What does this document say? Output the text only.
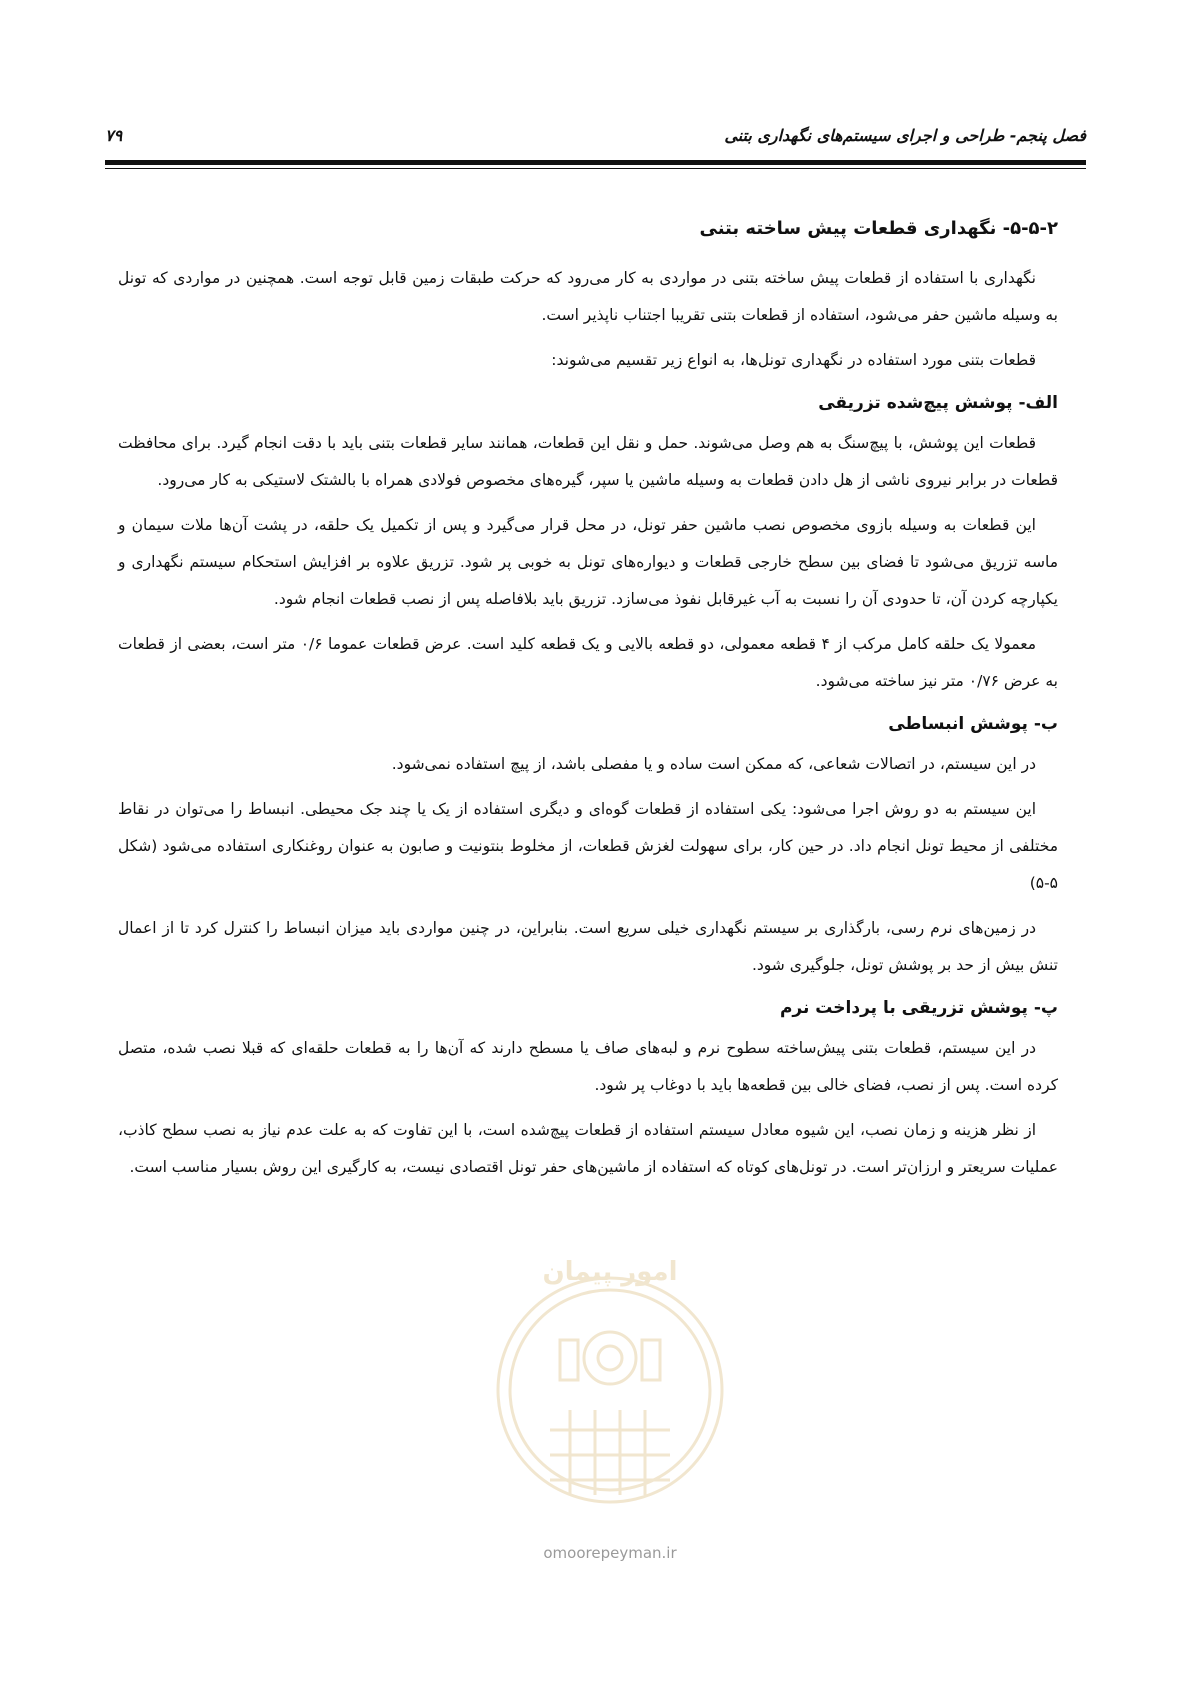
فصل پنجم- طراحی و اجرای سیستم‌های نگهداری بتنی
۷۹
۵-۵-۲- نگهداری قطعات پیش ساخته بتنی

نگهداری با استفاده از قطعات پیش ساخته بتنی در مواردی به کار می‌رود که حرکت طبقات زمین قابل توجه است. همچنین در مواردی که تونل به وسیله ماشین حفر می‌شود، استفاده از قطعات بتنی تقریبا اجتناب ناپذیر است.

قطعات بتنی مورد استفاده در نگهداری تونل‌ها، به انواع زیر تقسیم می‌شوند:

الف- پوشش پیچ‌شده تزریقی

قطعات این پوشش، با پیچ‌سنگ به هم وصل می‌شوند. حمل و نقل این قطعات، همانند سایر قطعات بتنی باید با دقت انجام گیرد. برای محافظت قطعات در برابر نیروی ناشی از هل دادن قطعات به وسیله ماشین یا سپر، گیره‌های مخصوص فولادی همراه با بالشتک لاستیکی به کار می‌رود.

این قطعات به وسیله بازوی مخصوص نصب ماشین حفر تونل، در محل قرار می‌گیرد و پس از تکمیل یک حلقه، در پشت آن‌ها ملات سیمان و ماسه تزریق می‌شود تا فضای بین سطح خارجی قطعات و دیواره‌های تونل به خوبی پر شود. تزریق علاوه بر افزایش استحکام سیستم نگهداری و یکپارچه کردن آن، تا حدودی آن را نسبت به آب غیرقابل نفوذ می‌سازد. تزریق باید بلافاصله پس از نصب قطعات انجام شود.

معمولا یک حلقه کامل مرکب از ۴ قطعه معمولی، دو قطعه بالایی و یک قطعه کلید است. عرض قطعات عموما ۰/۶ متر است، بعضی از قطعات به عرض ۰/۷۶ متر نیز ساخته می‌شود.

ب- پوشش انبساطی

در این سیستم، در اتصالات شعاعی، که ممکن است ساده و یا مفصلی باشد، از پیچ استفاده نمی‌شود.

این سیستم به دو روش اجرا می‌شود: یکی استفاده از قطعات گوه‌ای و دیگری استفاده از یک یا چند جک محیطی. انبساط را می‌توان در نقاط مختلفی از محیط تونل انجام داد. در حین کار، برای سهولت لغزش قطعات، از مخلوط بنتونیت و صابون به عنوان روغنکاری استفاده می‌شود (شکل ۵-۵)

در زمین‌های نرم رسی، بارگذاری بر سیستم نگهداری خیلی سریع است. بنابراین، در چنین مواردی باید میزان انبساط را کنترل کرد تا از اعمال تنش بیش از حد بر پوشش تونل، جلوگیری شود.

پ- پوشش تزریقی با پرداخت نرم

در این سیستم، قطعات بتنی پیش‌ساخته سطوح نرم و لبه‌های صاف یا مسطح دارند که آن‌ها را به قطعات حلقه‌ای که قبلا نصب شده، متصل کرده است. پس از نصب، فضای خالی بین قطعه‌ها باید با دوغاب پر شود.

از نظر هزینه و زمان نصب، این شیوه معادل سیستم استفاده از قطعات پیچ‌شده است، با این تفاوت که به علت عدم نیاز به نصب سطح کاذب، عملیات سریعتر و ارزان‌تر است. در تونل‌های کوتاه که استفاده از ماشین‌های حفر تونل اقتصادی نیست، به کارگیری این روش بسیار مناسب است.

امور پیمان
omoorepeyman.ir
